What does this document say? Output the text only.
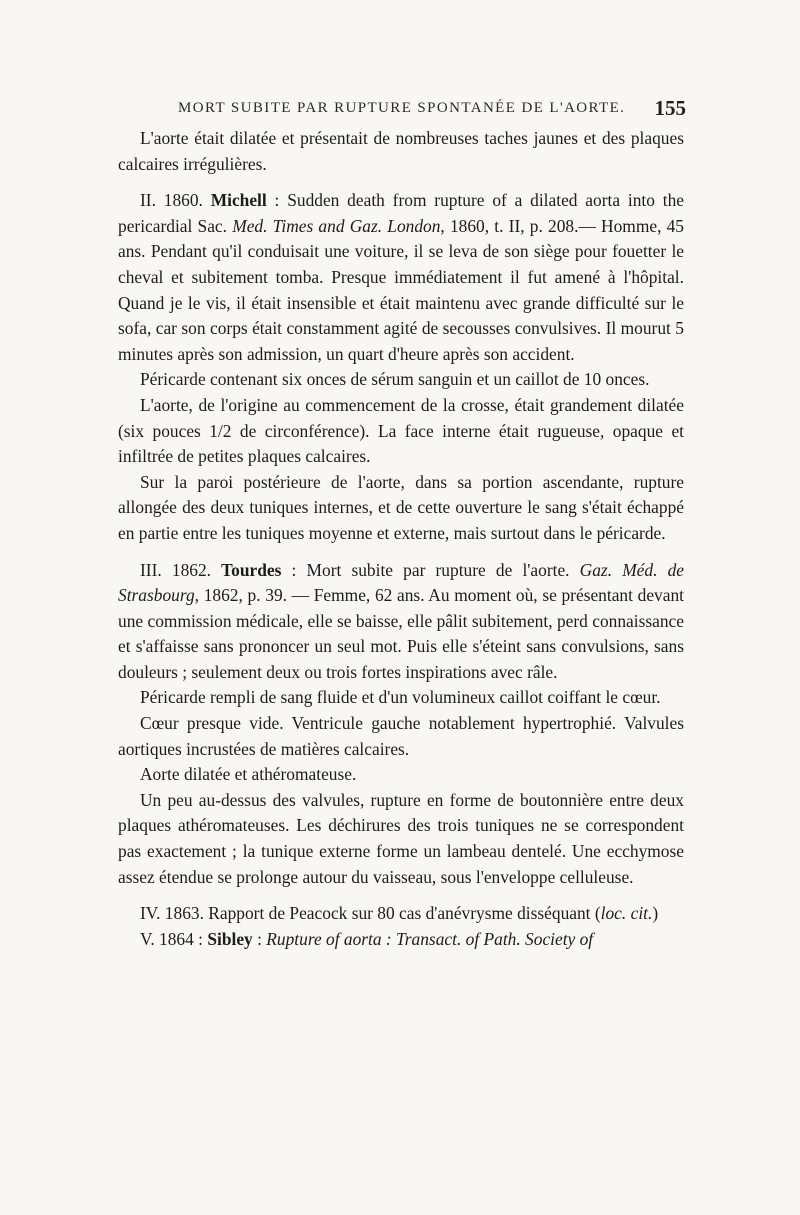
MORT SUBITE PAR RUPTURE SPONTANÉE DE L'AORTE. 155

L'aorte était dilatée et présentait de nombreuses taches jaunes et des plaques calcaires irrégulières.

II. 1860. Michell : Sudden death from rupture of a dilated aorta into the pericardial Sac. Med. Times and Gaz. London, 1860, t. II, p. 208.— Homme, 45 ans. Pendant qu'il conduisait une voiture, il se leva de son siège pour fouetter le cheval et subitement tomba. Presque immédiatement il fut amené à l'hôpital. Quand je le vis, il était insensible et était maintenu avec grande difficulté sur le sofa, car son corps était constamment agité de secousses convulsives. Il mourut 5 minutes après son admission, un quart d'heure après son accident.

Péricarde contenant six onces de sérum sanguin et un caillot de 10 onces.

L'aorte, de l'origine au commencement de la crosse, était grandement dilatée (six pouces 1/2 de circonférence). La face interne était rugueuse, opaque et infiltrée de petites plaques calcaires.

Sur la paroi postérieure de l'aorte, dans sa portion ascendante, rupture allongée des deux tuniques internes, et de cette ouverture le sang s'était échappé en partie entre les tuniques moyenne et externe, mais surtout dans le péricarde.

III. 1862. Tourdes : Mort subite par rupture de l'aorte. Gaz. Méd. de Strasbourg, 1862, p. 39. — Femme, 62 ans. Au moment où, se présentant devant une commission médicale, elle se baisse, elle pâlit subitement, perd connaissance et s'affaisse sans prononcer un seul mot. Puis elle s'éteint sans convulsions, sans douleurs ; seulement deux ou trois fortes inspirations avec râle.

Péricarde rempli de sang fluide et d'un volumineux caillot coiffant le cœur.

Cœur presque vide. Ventricule gauche notablement hypertrophié. Valvules aortiques incrustées de matières calcaires.

Aorte dilatée et athéromateuse.

Un peu au-dessus des valvules, rupture en forme de boutonnière entre deux plaques athéromateuses. Les déchirures des trois tuniques ne se correspondent pas exactement ; la tunique externe forme un lambeau dentelé. Une ecchymose assez étendue se prolonge autour du vaisseau, sous l'enveloppe celluleuse.

IV. 1863. Rapport de Peacock sur 80 cas d'anévrysme disséquant (loc. cit.)

V. 1864 : Sibley : Rupture of aorta : Transact. of Path. Society of
